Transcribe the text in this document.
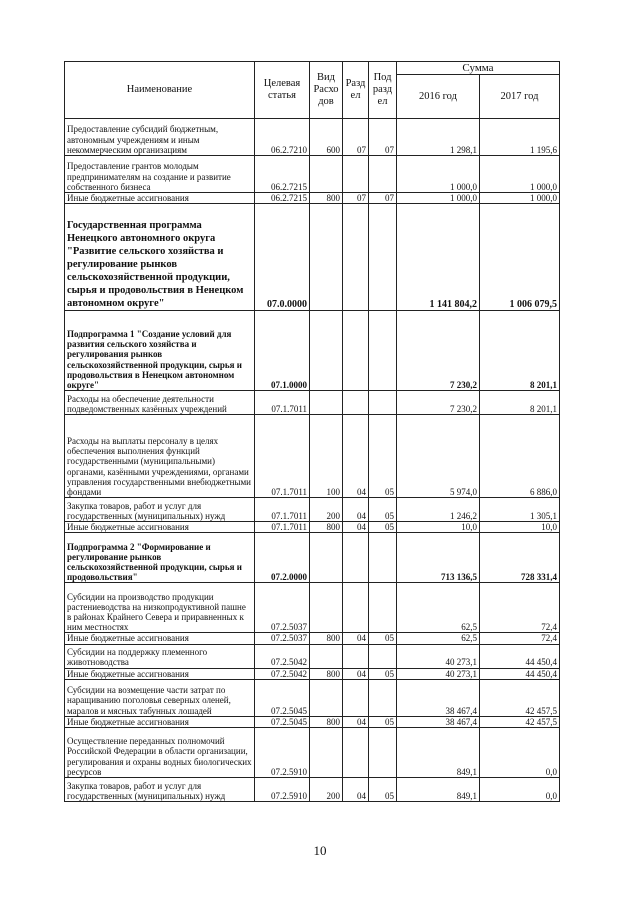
Наименование	Целевая статья	Вид Расхо дов	Разд ел	Под разд ел	Сумма	
					2016 год	2017 год
Предоставление субсидий бюджетным, автономным учреждениям и иным некоммерческим организациям	06.2.7210	600	07	07	1 298,1	1 195,6
Предоставление грантов молодым предпринимателям на создание и развитие собственного бизнеса	06.2.7215				1 000,0	1 000,0
Иные бюджетные ассигнования	06.2.7215	800	07	07	1 000,0	1 000,0
Государственная программа Ненецкого автономного округа "Развитие сельского хозяйства и регулирование рынков сельскохозяйственной продукции, сырья и продовольствия в Ненецком автономном округе"	07.0.0000				1 141 804,2	1 006 079,5
Подпрограмма 1 "Создание условий для развития сельского хозяйства и регулирования рынков сельскохозяйственной продукции, сырья и продовольствия в Ненецком автономном округе"	07.1.0000				7 230,2	8 201,1
Расходы на обеспечение деятельности подведомственных казённых учреждений	07.1.7011				7 230,2	8 201,1
Расходы на выплаты персоналу в целях обеспечения выполнения функций государственными (муниципальными) органами, казёнными учреждениями, органами управления государственными внебюджетными фондами	07.1.7011	100	04	05	5 974,0	6 886,0
Закупка товаров, работ и услуг для государственных (муниципальных) нужд	07.1.7011	200	04	05	1 246,2	1 305,1
Иные бюджетные ассигнования	07.1.7011	800	04	05	10,0	10,0
Подпрограмма 2 "Формирование и регулирование рынков сельскохозяйственной продукции, сырья и продовольствия"	07.2.0000				713 136,5	728 331,4
Субсидии на производство продукции растениеводства на низкопродуктивной пашне в районах Крайнего Севера и приравненных к ним местностях	07.2.5037				62,5	72,4
Иные бюджетные ассигнования	07.2.5037	800	04	05	62,5	72,4
Субсидии на поддержку племенного животноводства	07.2.5042				40 273,1	44 450,4
Иные бюджетные ассигнования	07.2.5042	800	04	05	40 273,1	44 450,4
Субсидии на возмещение части затрат по наращиванию поголовья северных оленей, маралов и мясных табунных лошадей	07.2.5045				38 467,4	42 457,5
Иные бюджетные ассигнования	07.2.5045	800	04	05	38 467,4	42 457,5
Осуществление переданных полномочий Российской Федерации в области организации, регулирования и охраны водных биологических ресурсов	07.2.5910				849,1	0,0
Закупка товаров, работ и услуг для государственных (муниципальных) нужд	07.2.5910	200	04	05	849,1	0,0
10
